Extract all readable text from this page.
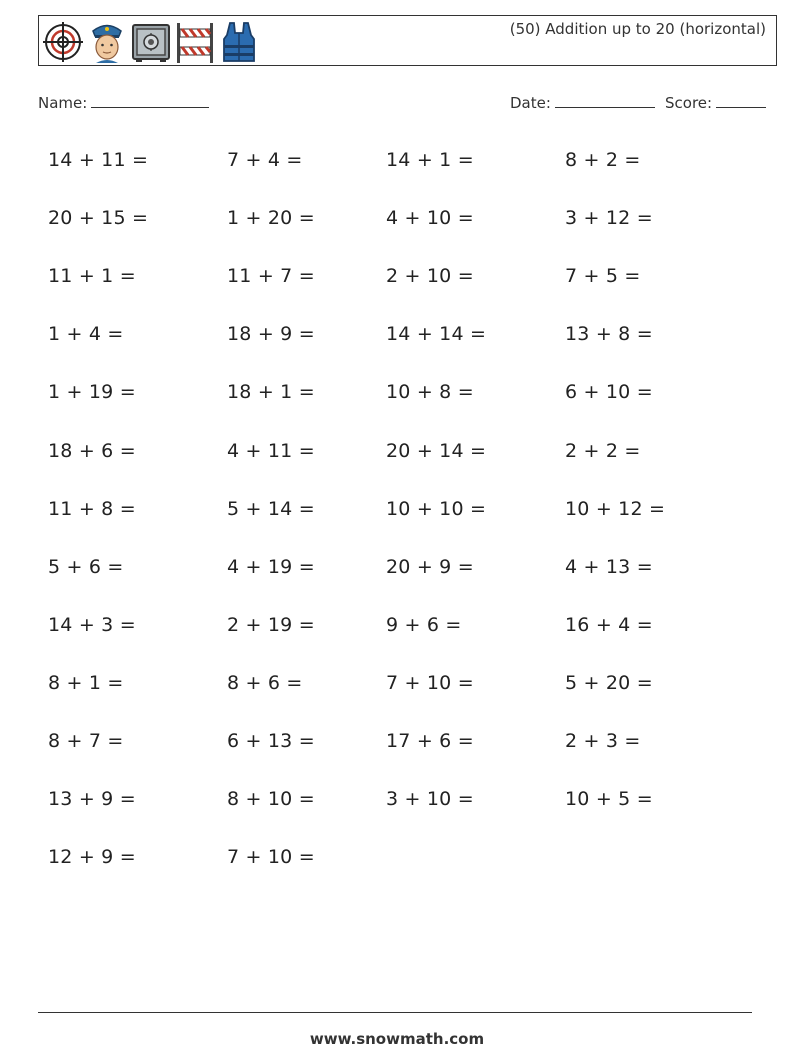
(50) Addition up to 20 (horizontal)
Name:	Date:	Score:
14 + 11 =	7 + 4 =	14 + 1 =	8 + 2 =
20 + 15 =	1 + 20 =	4 + 10 =	3 + 12 =
11 + 1 =	11 + 7 =	2 + 10 =	7 + 5 =
1 + 4 =	18 + 9 =	14 + 14 =	13 + 8 =
1 + 19 =	18 + 1 =	10 + 8 =	6 + 10 =
18 + 6 =	4 + 11 =	20 + 14 =	2 + 2 =
11 + 8 =	5 + 14 =	10 + 10 =	10 + 12 =
5 + 6 =	4 + 19 =	20 + 9 =	4 + 13 =
14 + 3 =	2 + 19 =	9 + 6 =	16 + 4 =
8 + 1 =	8 + 6 =	7 + 10 =	5 + 20 =
8 + 7 =	6 + 13 =	17 + 6 =	2 + 3 =
13 + 9 =	8 + 10 =	3 + 10 =	10 + 5 =
12 + 9 =	7 + 10 =
www.snowmath.com
